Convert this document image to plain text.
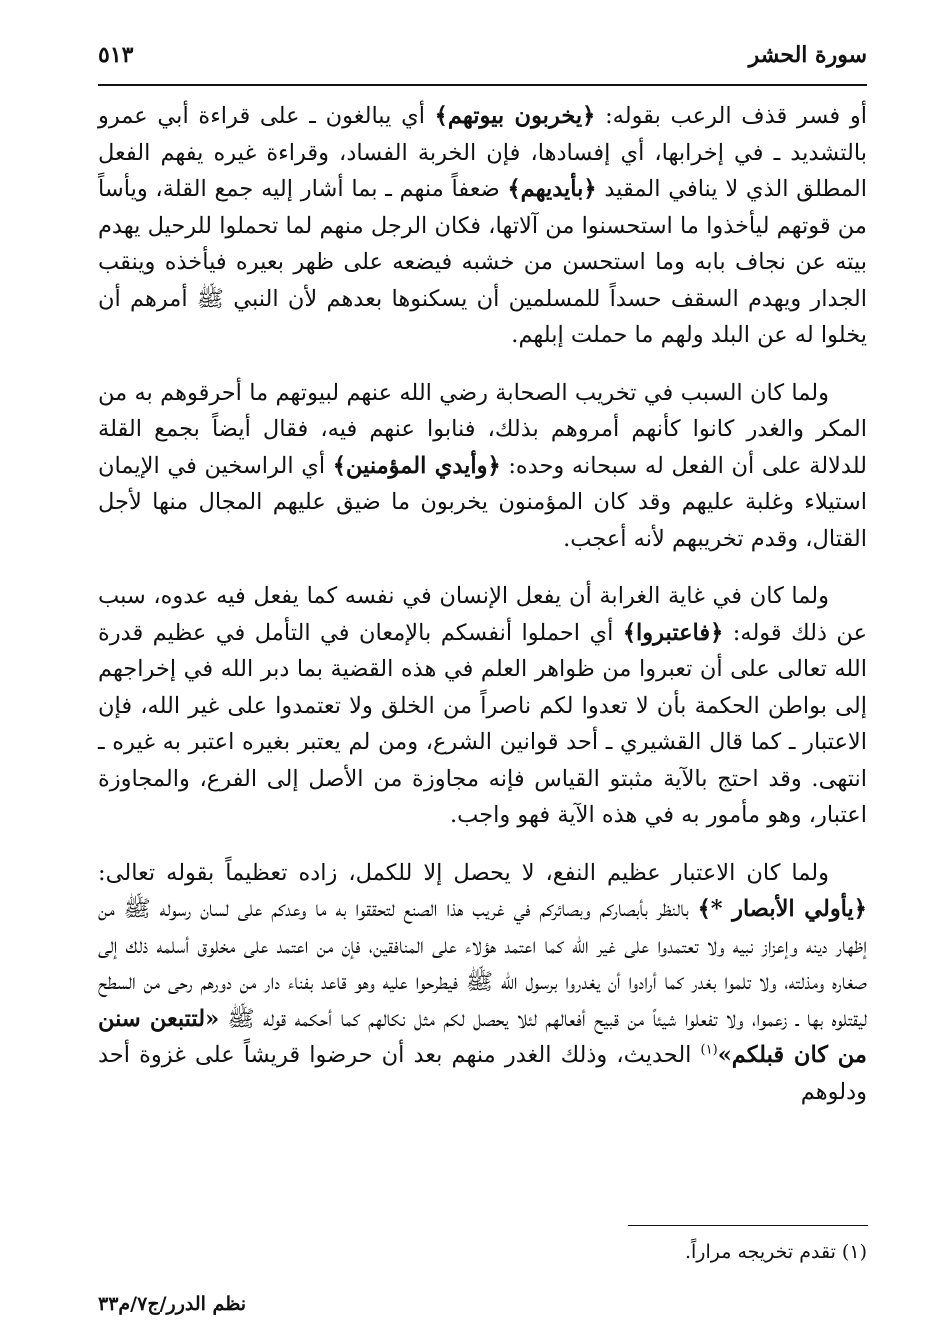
سورة الحشر
٥١٣

أو فسر قذف الرعب بقوله: ﴿يخربون بيوتهم﴾ أي يبالغون ـ على قراءة أبي عمرو بالتشديد ـ في إخرابها، أي إفسادها، فإن الخربة الفساد، وقراءة غيره يفهم الفعل المطلق الذي لا ينافي المقيد ﴿بأيديهم﴾ ضعفاً منهم ـ بما أشار إليه جمع القلة، ويأساً من قوتهم ليأخذوا ما استحسنوا من آلاتها، فكان الرجل منهم لما تحملوا للرحيل يهدم بيته عن نجاف بابه وما استحسن من خشبه فيضعه على ظهر بعيره فيأخذه وينقب الجدار ويهدم السقف حسداً للمسلمين أن يسكنوها بعدهم لأن النبي ﷺ أمرهم أن يخلوا له عن البلد ولهم ما حملت إبلهم.

ولما كان السبب في تخريب الصحابة رضي الله عنهم لبيوتهم ما أحرقوهم به من المكر والغدر كانوا كأنهم أمروهم بذلك، فنابوا عنهم فيه، فقال أيضاً بجمع القلة للدلالة على أن الفعل له سبحانه وحده: ﴿وأيدي المؤمنين﴾ أي الراسخين في الإيمان استيلاء وغلبة عليهم وقد كان المؤمنون يخربون ما ضيق عليهم المجال منها لأجل القتال، وقدم تخريبهم لأنه أعجب.

ولما كان في غاية الغرابة أن يفعل الإنسان في نفسه كما يفعل فيه عدوه، سبب عن ذلك قوله: ﴿فاعتبروا﴾ أي احملوا أنفسكم بالإمعان في التأمل في عظيم قدرة الله تعالى على أن تعبروا من ظواهر العلم في هذه القضية بما دبر الله في إخراجهم إلى بواطن الحكمة بأن لا تعدوا لكم ناصراً من الخلق ولا تعتمدوا على غير الله، فإن الاعتبار ـ كما قال القشيري ـ أحد قوانين الشرع، ومن لم يعتبر بغيره اعتبر به غيره ـ انتهى. وقد احتج بالآية مثبتو القياس فإنه مجاوزة من الأصل إلى الفرع، والمجاوزة اعتبار، وهو مأمور به في هذه الآية فهو واجب.

ولما كان الاعتبار عظيم النفع، لا يحصل إلا للكمل، زاده تعظيماً بقوله تعالى: ﴿يأولي الأبصار *﴾ بالنظر بأبصاركم وبصائركم في غريب هذا الصنع لتحققوا به ما وعدكم على لسان رسوله ﷺ من إظهار دينه وإعزاز نبيه ولا تعتمدوا على غير الله كما اعتمد هؤلاء على المنافقين، فإن من اعتمد على مخلوق أسلمه ذلك إلى صغاره ومذلته، ولا تلموا بغدر كما أرادوا أن يغدروا برسول الله ﷺ فيطرحوا عليه وهو قاعد بفناء دار من دورهم رحى من السطح ليقتلوه بها ـ زعموا، ولا تفعلوا شيئاً من قبيح أفعالهم لئلا يحصل لكم مثل نكالهم كما أحكمه قوله ﷺ «لتتبعن سنن من كان قبلكم»$^{(١)}$ الحديث، وذلك الغدر منهم بعد أن حرضوا قريشاً على غزوة أحد ودلوهم

(١) تقدم تخريجه مراراً.
نظم الدرر/ج٧/م٣٣
